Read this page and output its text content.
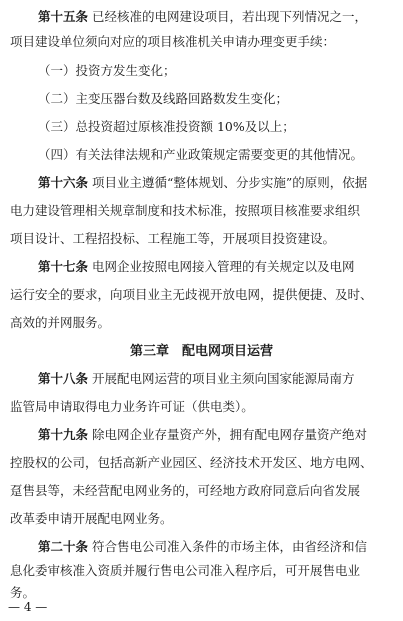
第十五条 已经核准的电网建设项目，若出现下列情况之一，
项目建设单位须向对应的项目核准机关申请办理变更手续：
（一）投资方发生变化；
（二）主变压器台数及线路回路数发生变化；
（三）总投资超过原核准投资额 10%及以上；
（四）有关法律法规和产业政策规定需要变更的其他情况。
第十六条 项目业主遵循“整体规划、分步实施”的原则，依据
电力建设管理相关规章制度和技术标准，按照项目核准要求组织
项目设计、工程招投标、工程施工等，开展项目投资建设。
第十七条 电网企业按照电网接入管理的有关规定以及电网
运行安全的要求，向项目业主无歧视开放电网，提供便捷、及时、
高效的并网服务。
第三章　配电网项目运营
第十八条 开展配电网运营的项目业主须向国家能源局南方
监管局申请取得电力业务许可证（供电类）。
第十九条 除电网企业存量资产外，拥有配电网存量资产绝对
控股权的公司，包括高新产业园区、经济技术开发区、地方电网、
趸售县等，未经营配电网业务的，可经地方政府同意后向省发展
改革委申请开展配电网业务。
第二十条 符合售电公司准入条件的市场主体，由省经济和信
息化委审核准入资质并履行售电公司准入程序后，可开展售电业
务。
— 4 —
